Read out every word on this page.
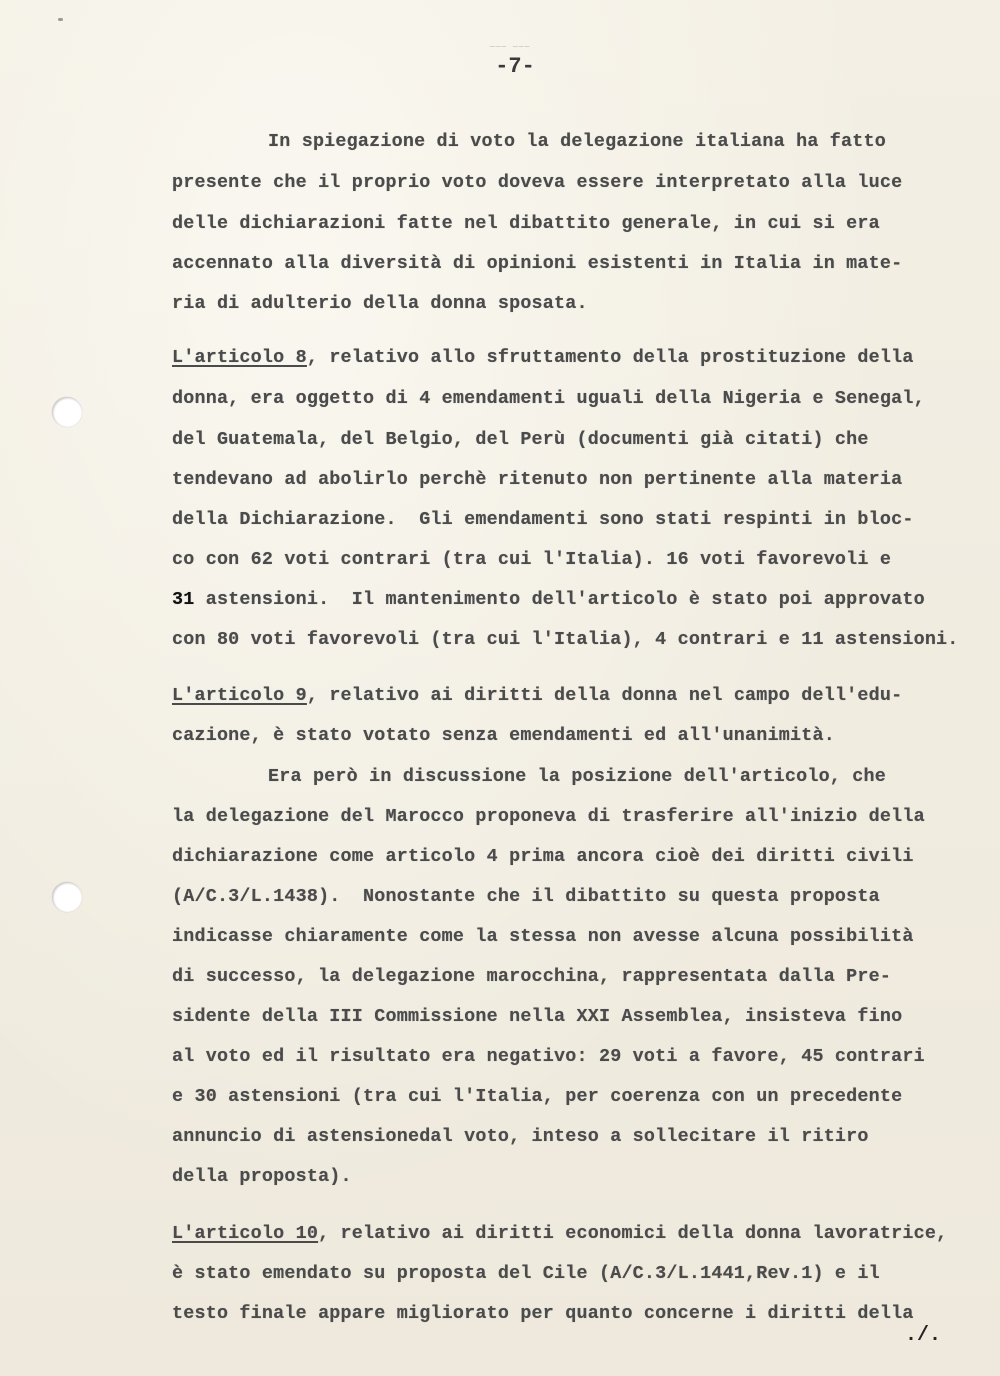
___ ___
-7-
In spiegazione di voto la delegazione italiana ha fatto
presente che il proprio voto doveva essere interpretato alla luce
delle dichiarazioni fatte nel dibattito generale, in cui si era
accennato alla diversità di opinioni esistenti in Italia in mate-
ria di adulterio della donna sposata.
L'articolo 8, relativo allo sfruttamento della prostituzione della
donna, era oggetto di 4 emendamenti uguali della Nigeria e Senegal,
del Guatemala, del Belgio, del Perù (documenti già citati) che
tendevano ad abolirlo perchè ritenuto non pertinente alla materia
della Dichiarazione.  Gli emendamenti sono stati respinti in bloc-
co con 62 voti contrari (tra cui l'Italia). 16 voti favorevoli e
31 astensioni.  Il mantenimento dell'articolo è stato poi approvato
con 80 voti favorevoli (tra cui l'Italia), 4 contrari e 11 astensioni.
L'articolo 9, relativo ai diritti della donna nel campo dell'edu-
cazione, è stato votato senza emendamenti ed all'unanimità.
Era però in discussione la posizione dell'articolo, che
la delegazione del Marocco proponeva di trasferire all'inizio della
dichiarazione come articolo 4 prima ancora cioè dei diritti civili
(A/C.3/L.1438).  Nonostante che il dibattito su questa proposta
indicasse chiaramente come la stessa non avesse alcuna possibilità
di successo, la delegazione marocchina, rappresentata dalla Pre-
sidente della III Commissione nella XXI Assemblea, insisteva fino
al voto ed il risultato era negativo: 29 voti a favore, 45 contrari
e 30 astensioni (tra cui l'Italia, per coerenza con un precedente
annuncio di astensionedal voto, inteso a sollecitare il ritiro
della proposta).
L'articolo 10, relativo ai diritti economici della donna lavoratrice,
è stato emendato su proposta del Cile (A/C.3/L.1441,Rev.1) e il
testo finale appare migliorato per quanto concerne i diritti della
./.
